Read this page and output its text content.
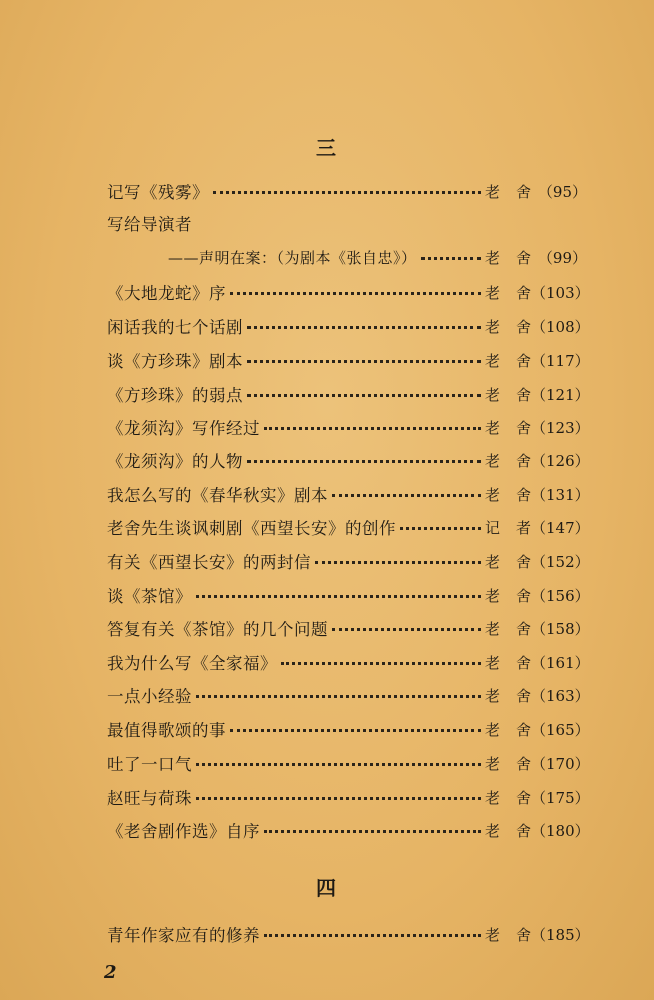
三
记写《残雾》	老 舍 （95）
写给导演者
——声明在案：（为剧本《张自忠》）	老 舍 （99）
《大地龙蛇》序	老 舍 （103）
闲话我的七个话剧	老 舍 （108）
谈《方珍珠》剧本	老 舍 （117）
《方珍珠》的弱点	老 舍 （121）
《龙须沟》写作经过	老 舍 （123）
《龙须沟》的人物	老 舍 （126）
我怎么写的《春华秋实》剧本	老 舍 （131）
老舍先生谈讽刺剧《西望长安》的创作	记 者 （147）
有关《西望长安》的两封信	老 舍 （152）
谈《茶馆》	老 舍 （156）
答复有关《茶馆》的几个问题	老 舍 （158）
我为什么写《全家福》	老 舍 （161）
一点小经验	老 舍 （163）
最值得歌颂的事	老 舍 （165）
吐了一口气	老 舍 （170）
赵旺与荷珠	老 舍 （175）
《老舍剧作选》自序	老 舍 （180）
四
青年作家应有的修养	老 舍 （185）
2
